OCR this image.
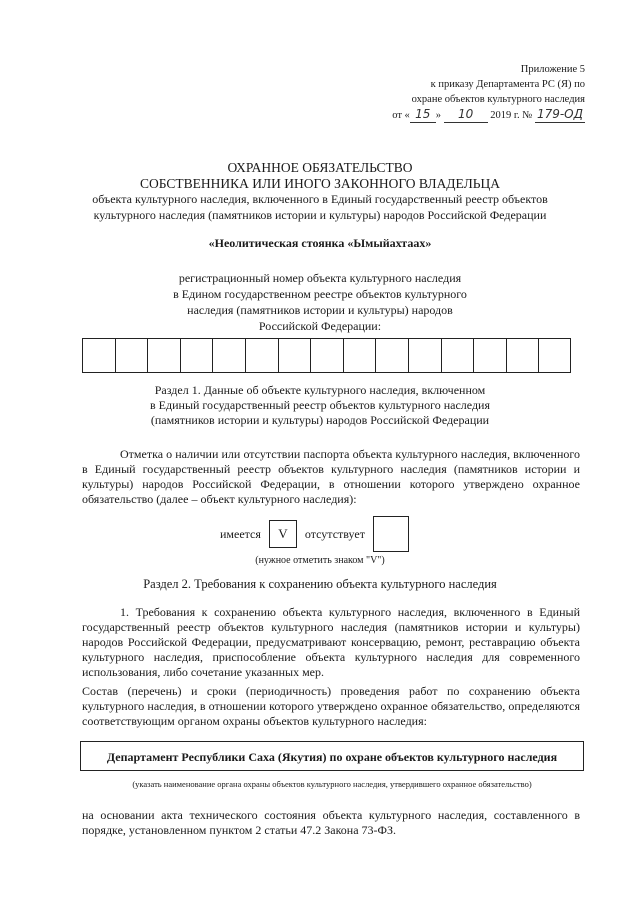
Приложение 5
к приказу Департамента РС (Я) по
охране объектов культурного наследия
от « 15 » 10 2019 г. № 179-ОД
ОХРАННОЕ ОБЯЗАТЕЛЬСТВО
СОБСТВЕННИКА ИЛИ ИНОГО ЗАКОННОГО ВЛАДЕЛЬЦА
объекта культурного наследия, включенного в Единый государственный реестр объектов
культурного наследия (памятников истории и культуры) народов Российской Федерации
«Неолитическая стоянка «Ымыйахтаах»
регистрационный номер объекта культурного наследия
в Едином государственном реестре объектов культурного
наследия (памятников истории и культуры) народов
Российской Федерации:
Раздел 1. Данные об объекте культурного наследия, включенном
в Единый государственный реестр объектов культурного наследия
(памятников истории и культуры) народов Российской Федерации
Отметка о наличии или отсутствии паспорта объекта культурного наследия, включенного в Единый государственный реестр объектов культурного наследия (памятников истории и культуры) народов Российской Федерации, в отношении которого утверждено охранное обязательство (далее – объект культурного наследия):
имеется	V	отсутствует
(нужное отметить знаком "V")
Раздел 2. Требования к сохранению объекта культурного наследия
1. Требования к сохранению объекта культурного наследия, включенного в Единый государственный реестр объектов культурного наследия (памятников истории и культуры) народов Российской Федерации, предусматривают консервацию, ремонт, реставрацию объекта культурного наследия, приспособление объекта культурного наследия для современного использования, либо сочетание указанных мер.
Состав (перечень) и сроки (периодичность) проведения работ по сохранению объекта культурного наследия, в отношении которого утверждено охранное обязательство, определяются соответствующим органом охраны объектов культурного наследия:
Департамент Республики Саха (Якутия) по охране объектов культурного наследия
(указать наименование органа охраны объектов культурного наследия, утвердившего охранное обязательство)
на основании акта технического состояния объекта культурного наследия, составленного в порядке, установленном пунктом 2 статьи 47.2 Закона 73-ФЗ.
